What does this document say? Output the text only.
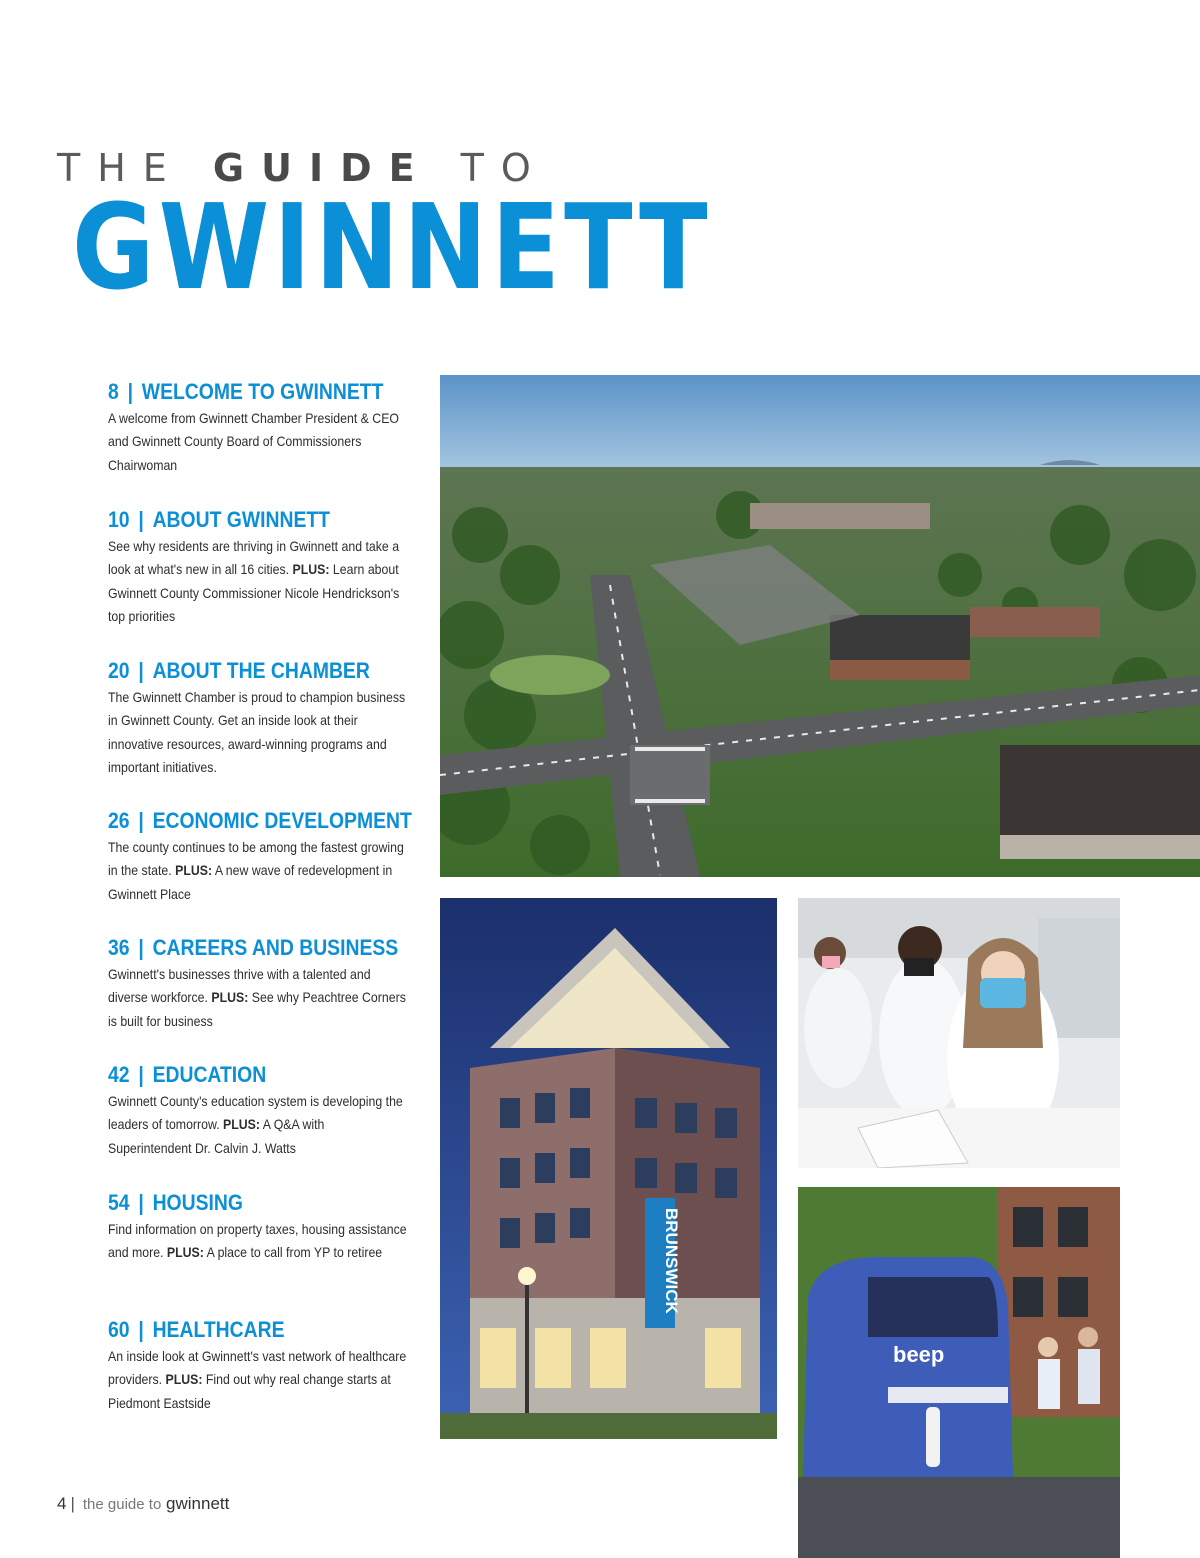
THE GUIDE TO
GWINNETT
8 | WELCOME TO GWINNETT
A welcome from Gwinnett Chamber President & CEO and Gwinnett County Board of Commissioners Chairwoman
10 | ABOUT GWINNETT
See why residents are thriving in Gwinnett and take a look at what's new in all 16 cities. PLUS: Learn about Gwinnett County Commissioner Nicole Hendrickson's top priorities
20 | ABOUT THE CHAMBER
The Gwinnett Chamber is proud to champion business in Gwinnett County. Get an inside look at their innovative resources, award-winning programs and important initiatives.
26 | ECONOMIC DEVELOPMENT
The county continues to be among the fastest growing in the state. PLUS: A new wave of redevelopment in Gwinnett Place
36 | CAREERS AND BUSINESS
Gwinnett's businesses thrive with a talented and diverse workforce. PLUS: See why Peachtree Corners is built for business
42 | EDUCATION
Gwinnett County's education system is developing the leaders of tomorrow. PLUS: A Q&A with Superintendent Dr. Calvin J. Watts
54 | HOUSING
Find information on property taxes, housing assistance and more. PLUS: A place to call from YP to retiree
60 | HEALTHCARE
An inside look at Gwinnett's vast network of healthcare providers. PLUS: Find out why real change starts at Piedmont Eastside
BRUNSWICK
beep
4 | the guide to gwinnett
